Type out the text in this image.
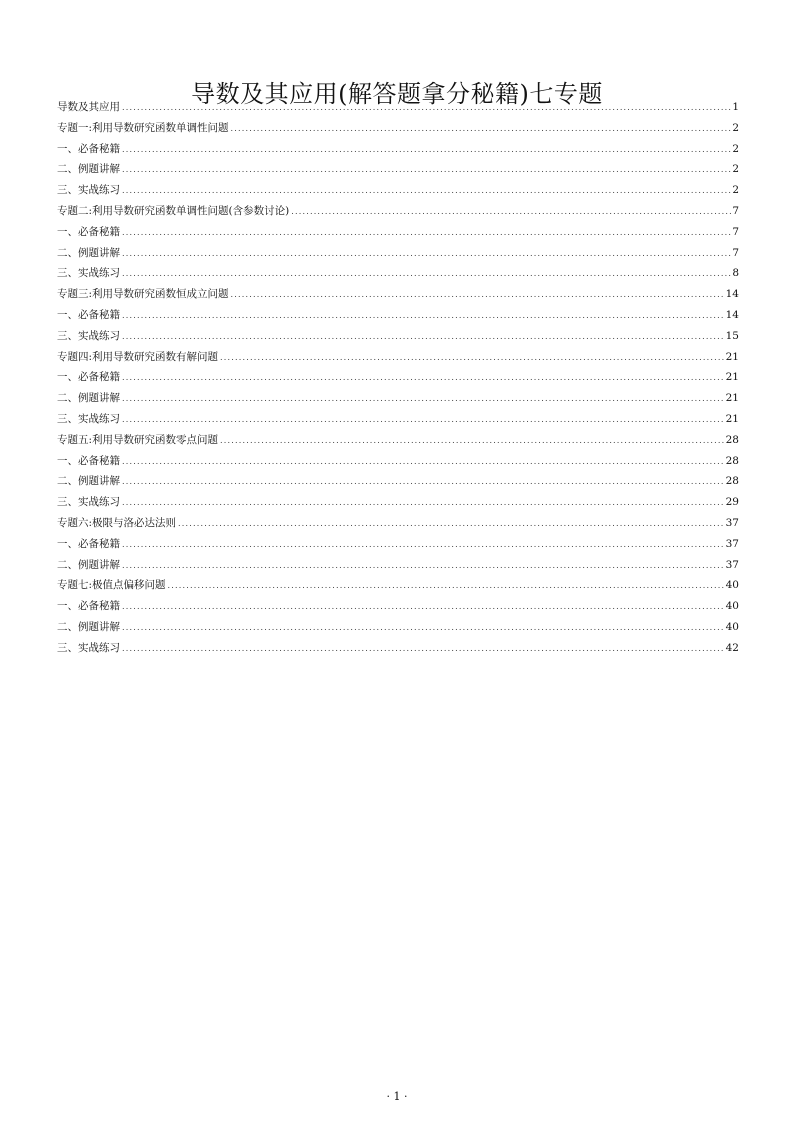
导数及其应用(解答题拿分秘籍)七专题
导数及其应用 .....	1
专题一:利用导数研究函数单调性问题 .....	2
一、必备秘籍 .....	2
二、例题讲解 .....	2
三、实战练习 .....	2
专题二:利用导数研究函数单调性问题(含参数讨论) .....	7
一、必备秘籍 .....	7
二、例题讲解 .....	7
三、实战练习 .....	8
专题三:利用导数研究函数恒成立问题 .....	14
一、必备秘籍 .....	14
三、实战练习 .....	15
专题四:利用导数研究函数有解问题 .....	21
一、必备秘籍 .....	21
二、例题讲解 .....	21
三、实战练习 .....	21
专题五:利用导数研究函数零点问题 .....	28
一、必备秘籍 .....	28
二、例题讲解 .....	28
三、实战练习 .....	29
专题六:极限与洛必达法则 .....	37
一、必备秘籍 .....	37
二、例题讲解 .....	37
专题七:极值点偏移问题 .....	40
一、必备秘籍 .....	40
二、例题讲解 .....	40
三、实战练习 .....	42
· 1 ·
